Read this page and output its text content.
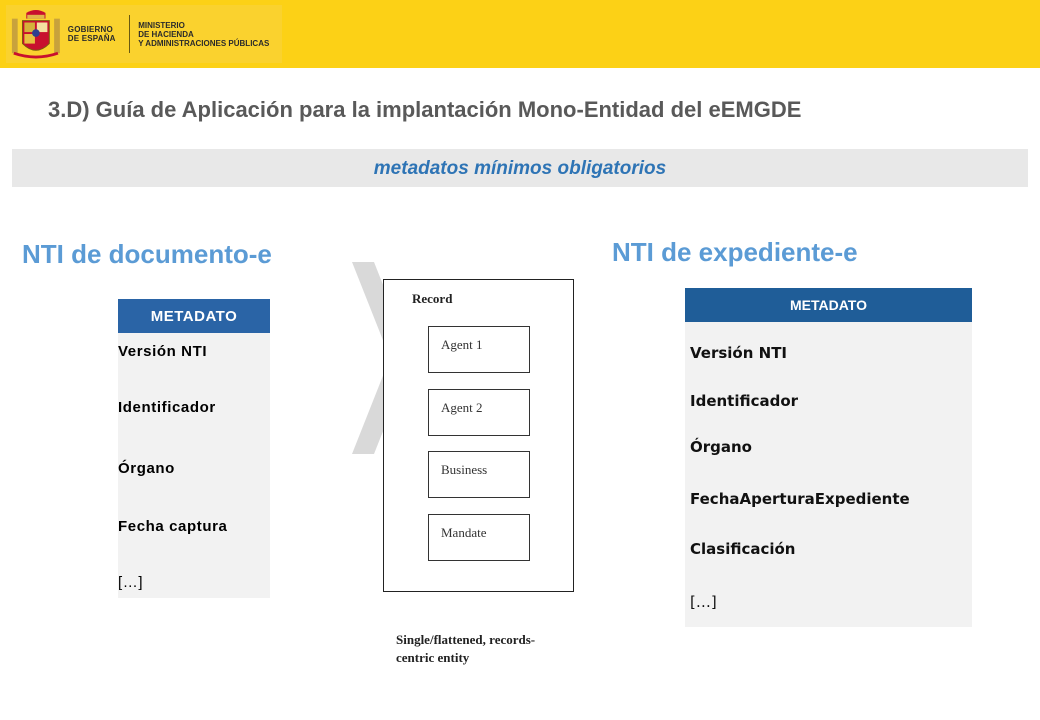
GOBIERNO
DE ESPAÑA
MINISTERIO
DE HACIENDA
Y ADMINISTRACIONES PÚBLICAS
3.D) Guía de Aplicación para la implantación Mono-Entidad del eEMGDE
metadatos mínimos obligatorios
NTI de documento-e	NTI de expediente-e
METADATO
Versión NTI
Identificador
Órgano
Fecha captura
[…]
Record
Agent 1
Agent 2
Business
Mandate

Single/flattened, records-
centric entity

METADATO
Versión NTI
Identificador
Órgano
FechaAperturaExpediente
Clasificación
[…]
